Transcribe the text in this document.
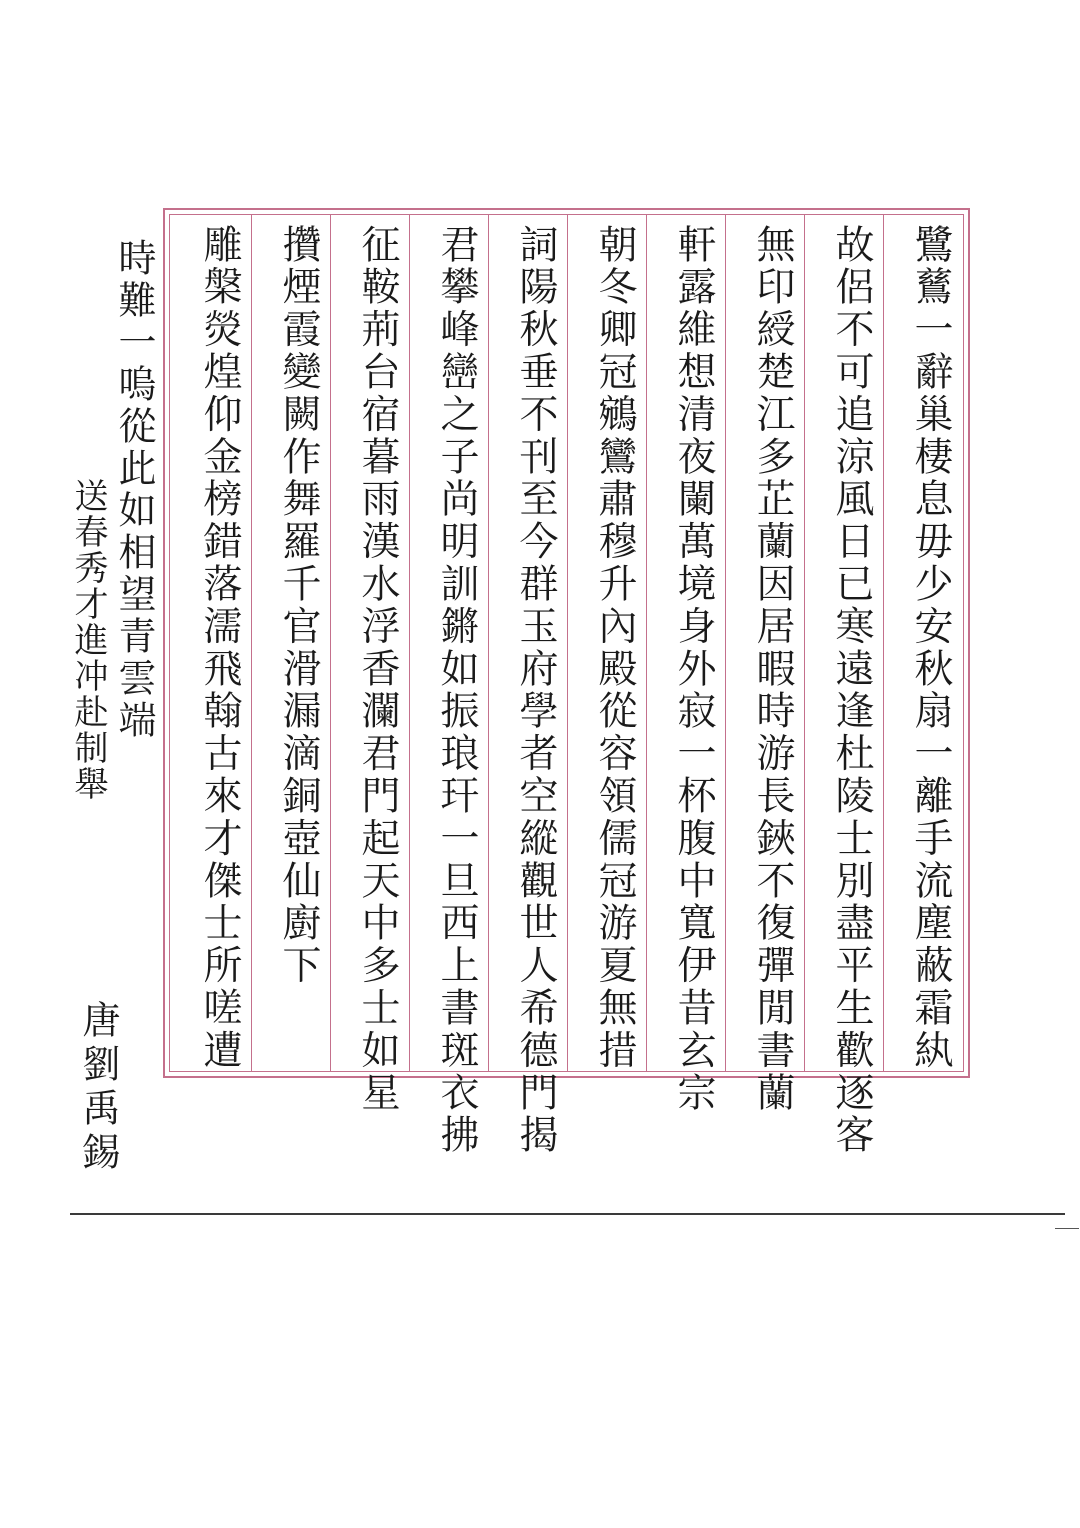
鷺鶿一辭巢棲息毋少安秋扇一離手流塵蔽霜紈
故侶不可追涼風日已寒遠逢杜陵士別盡平生歡逐客
無印綬楚江多芷蘭因居暇時游長鋏不復彈閒書蘭
軒露維想清夜闌萬境身外寂一杯腹中寬伊昔玄宗
朝冬卿冠鵷鸞肅穆升內殿從容領儒冠游夏無措
詞陽秋垂不刊至今群玉府學者空縱觀世人希德門揭
君攀峰巒之子尚明訓鏘如振琅玕一旦西上書斑衣拂
征鞍荊台宿暮雨漢水浮香瀾君門起天中多士如星
攢煙霞變闕作舞羅千官滑漏滴銅壺仙廚下
雕槃熒煌仰金榜錯落濡飛翰古來才傑士所嗟遭
時難一嗚從此如相望青雲端
送春秀才進冲赴制舉
唐劉禹錫
